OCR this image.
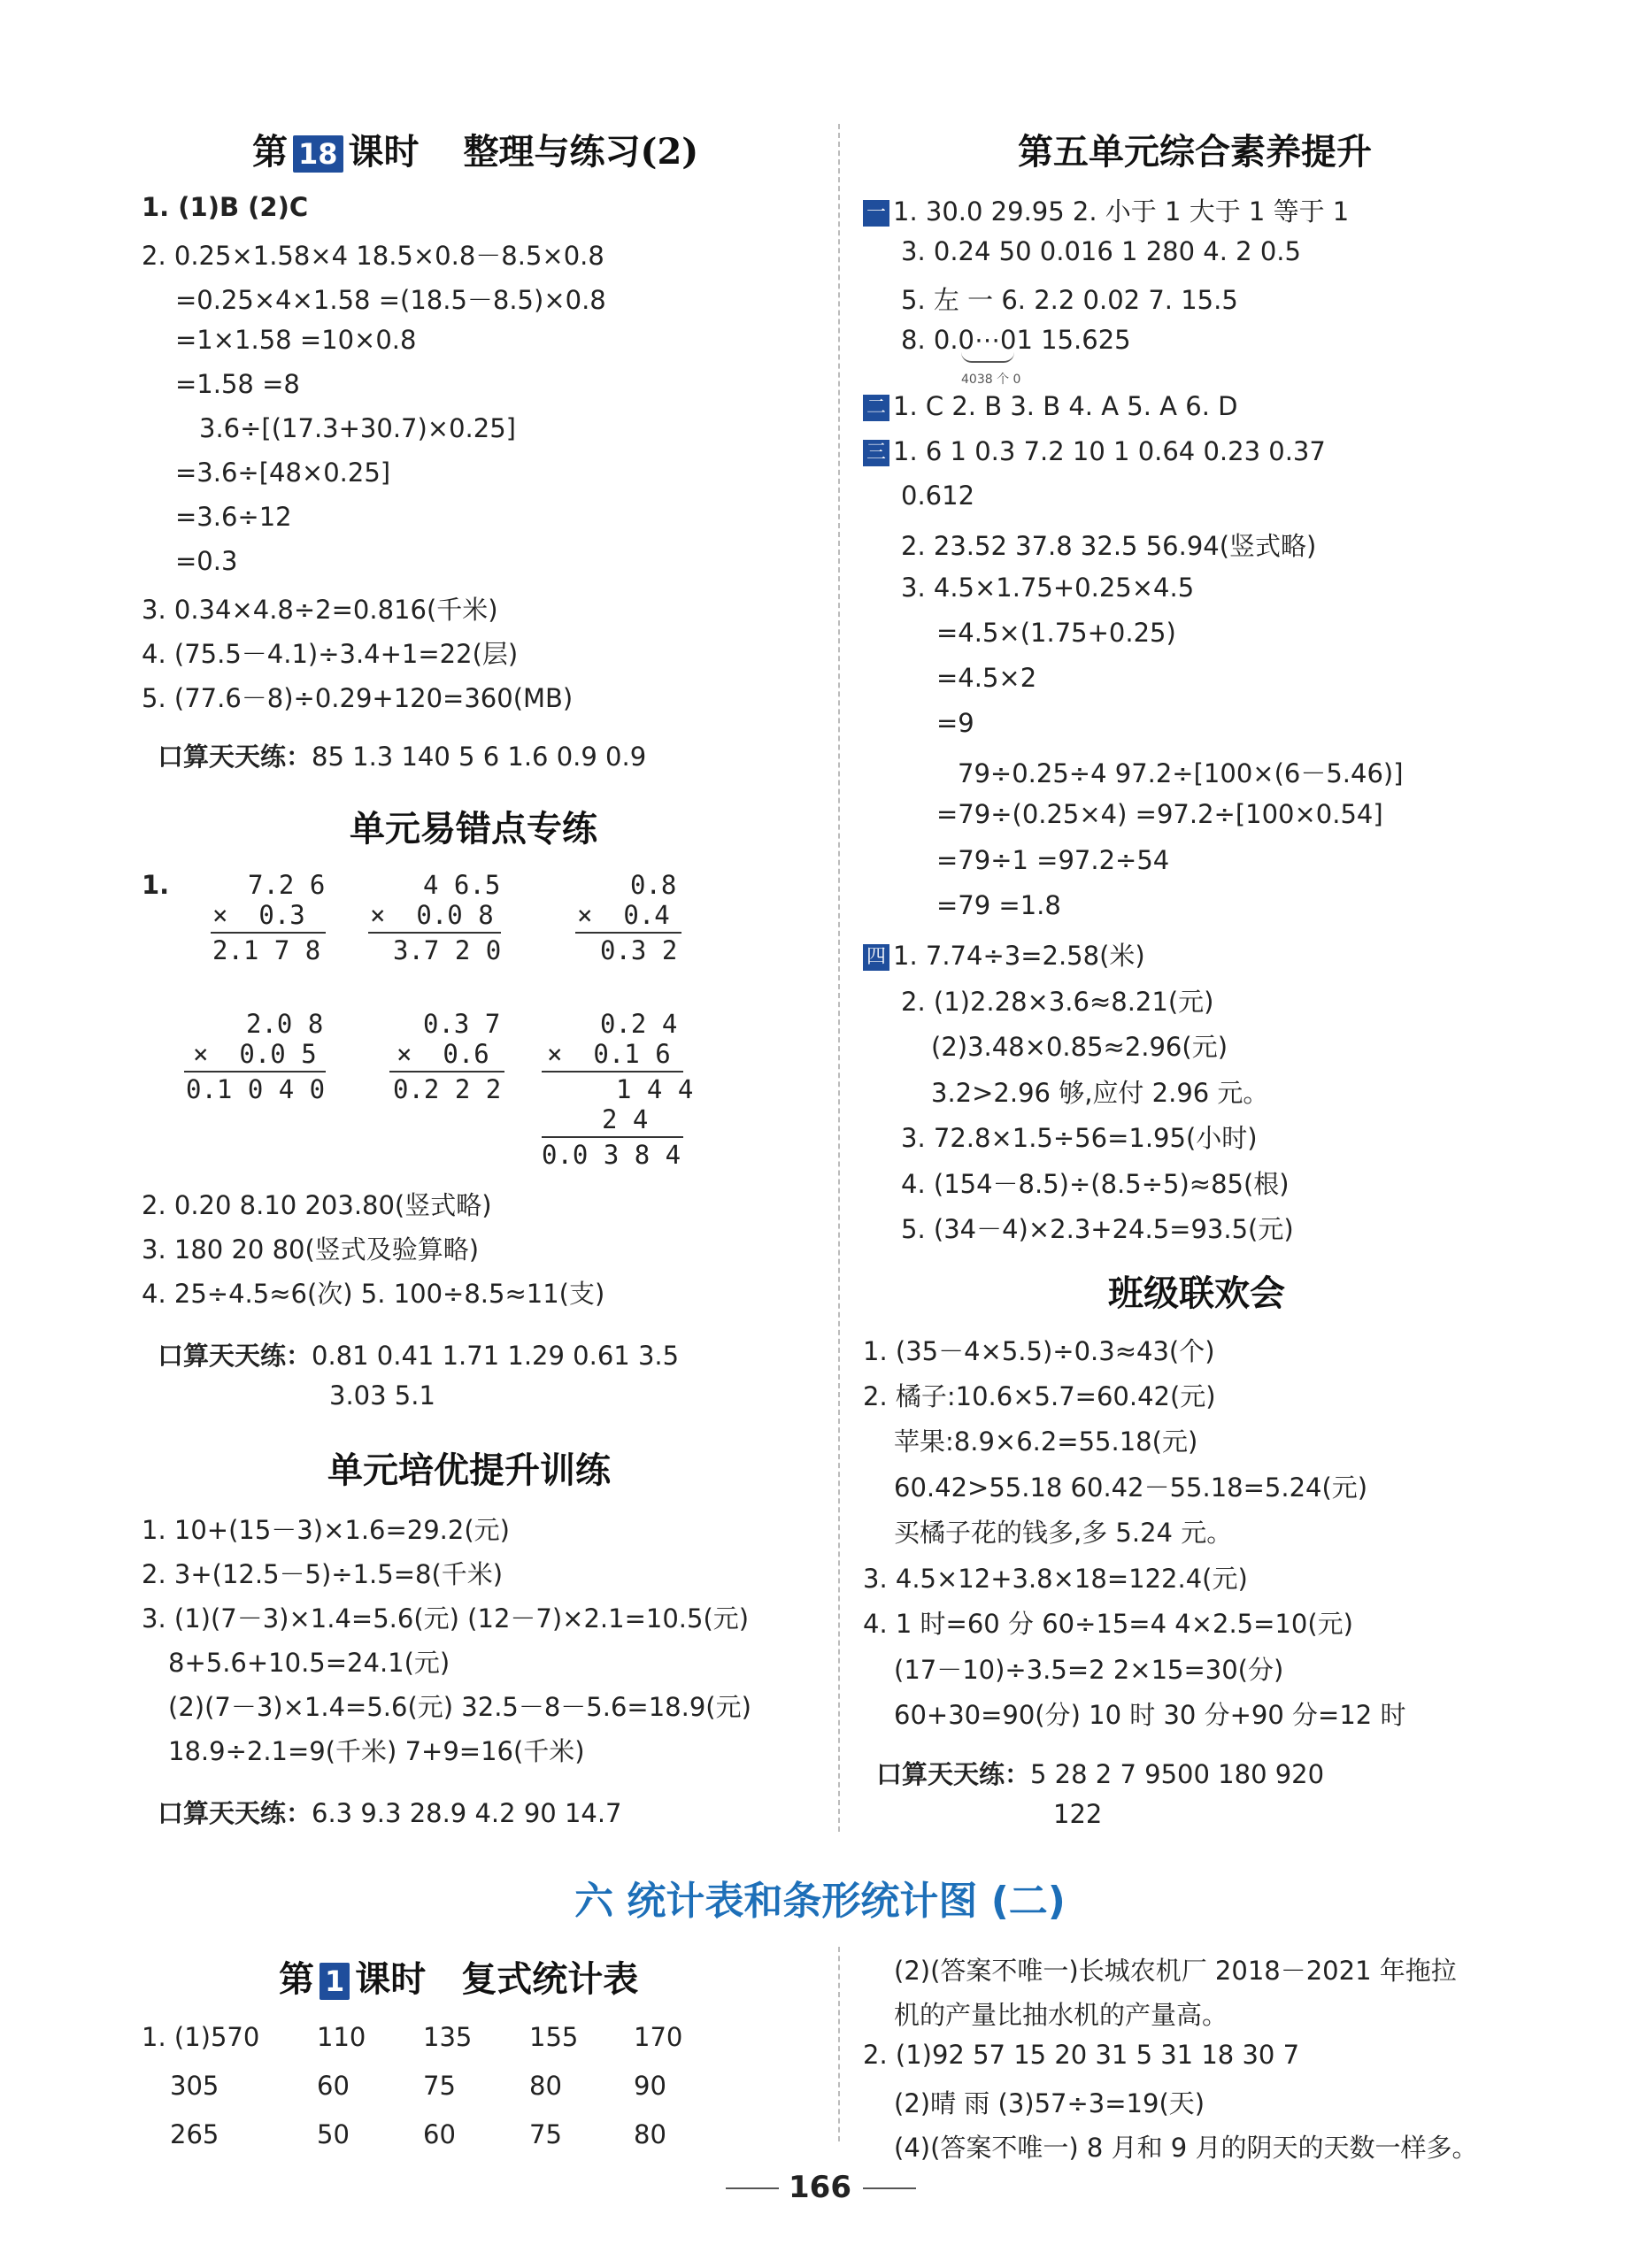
第 18 课时 整理与练习(2)
1. (1)B (2)C
2. 0.25×1.58×4 18.5×0.8－8.5×0.8
=0.25×4×1.58 =(18.5－8.5)×0.8
=1×1.58 =10×0.8
=1.58 =8
3.6÷[(17.3+30.7)×0.25]
=3.6÷[48×0.25]
=3.6÷12
=0.3
3. 0.34×4.8÷2=0.816(千米)
4. (75.5－4.1)÷3.4+1=22(层)
5. (77.6－8)÷0.29+120=360(MB)
口算天天练：85 1.3 140 5 6 1.6 0.9 0.9
单元易错点专练
1.	7.2 6
×  0.3
2.1 7 8
4 6.5
×  0.0 8
3.7 2 0
0.8
×  0.4
0.3 2
2.0 8
×  0.0 5
0.1 0 4 0
0.3 7
×  0.6
0.2 2 2
0.2 4
×  0.1 6
1 4 4
2 4
0.0 3 8 4
2. 0.20 8.10 203.80(竖式略)
3. 180 20 80(竖式及验算略)
4. 25÷4.5≈6(次) 5. 100÷8.5≈11(支)
口算天天练：0.81 0.41 1.71 1.29 0.61 3.5
3.03 5.1
单元培优提升训练
1. 10+(15－3)×1.6=29.2(元)
2. 3+(12.5－5)÷1.5=8(千米)
3. (1)(7－3)×1.4=5.6(元) (12－7)×2.1=10.5(元)
8+5.6+10.5=24.1(元)
(2)(7－3)×1.4=5.6(元) 32.5－8－5.6=18.9(元)
18.9÷2.1=9(千米) 7+9=16(千米)
口算天天练：6.3 9.3 28.9 4.2 90 14.7
第五单元综合素养提升
一 1. 30.0 29.95 2. 小于 1 大于 1 等于 1
3. 0.24 50 0.016 1 280 4. 2 0.5
5. 左 一 6. 2.2 0.02 7. 15.5
8. 0.0⋯01 15.625
4038 个 0
二 1. C 2. B 3. B 4. A 5. A 6. D
三 1. 6 1 0.3 7.2 10 1 0.64 0.23 0.37
0.612
2. 23.52 37.8 32.5 56.94(竖式略)
3. 4.5×1.75+0.25×4.5
=4.5×(1.75+0.25)
=4.5×2
=9
79÷0.25÷4 97.2÷[100×(6－5.46)]
=79÷(0.25×4) =97.2÷[100×0.54]
=79÷1 =97.2÷54
=79 =1.8
四 1. 7.74÷3=2.58(米)
2. (1)2.28×3.6≈8.21(元)
(2)3.48×0.85≈2.96(元)
3.2>2.96 够,应付 2.96 元。
3. 72.8×1.5÷56=1.95(小时)
4. (154－8.5)÷(8.5÷5)≈85(根)
5. (34－4)×2.3+24.5=93.5(元)
班级联欢会
1. (35－4×5.5)÷0.3≈43(个)
2. 橘子:10.6×5.7=60.42(元)
苹果:8.9×6.2=55.18(元)
60.42>55.18 60.42－55.18=5.24(元)
买橘子花的钱多,多 5.24 元。
3. 4.5×12+3.8×18=122.4(元)
4. 1 时=60 分 60÷15=4 4×2.5=10(元)
(17－10)÷3.5=2 2×15=30(分)
60+30=90(分) 10 时 30 分+90 分=12 时
口算天天练：5 28 2 7 9500 180 920
122
六 统计表和条形统计图 (二)
第 1 课时 复式统计表
1. (1)570 110 135 155 170
305	60	75	80	90
265	50	60	75	80
(2)(答案不唯一)长城农机厂 2018－2021 年拖拉
机的产量比抽水机的产量高。
2. (1)92 57 15 20 31 5 31 18 30 7
(2)晴 雨 (3)57÷3=19(天)
(4)(答案不唯一) 8 月和 9 月的阴天的天数一样多。
166
